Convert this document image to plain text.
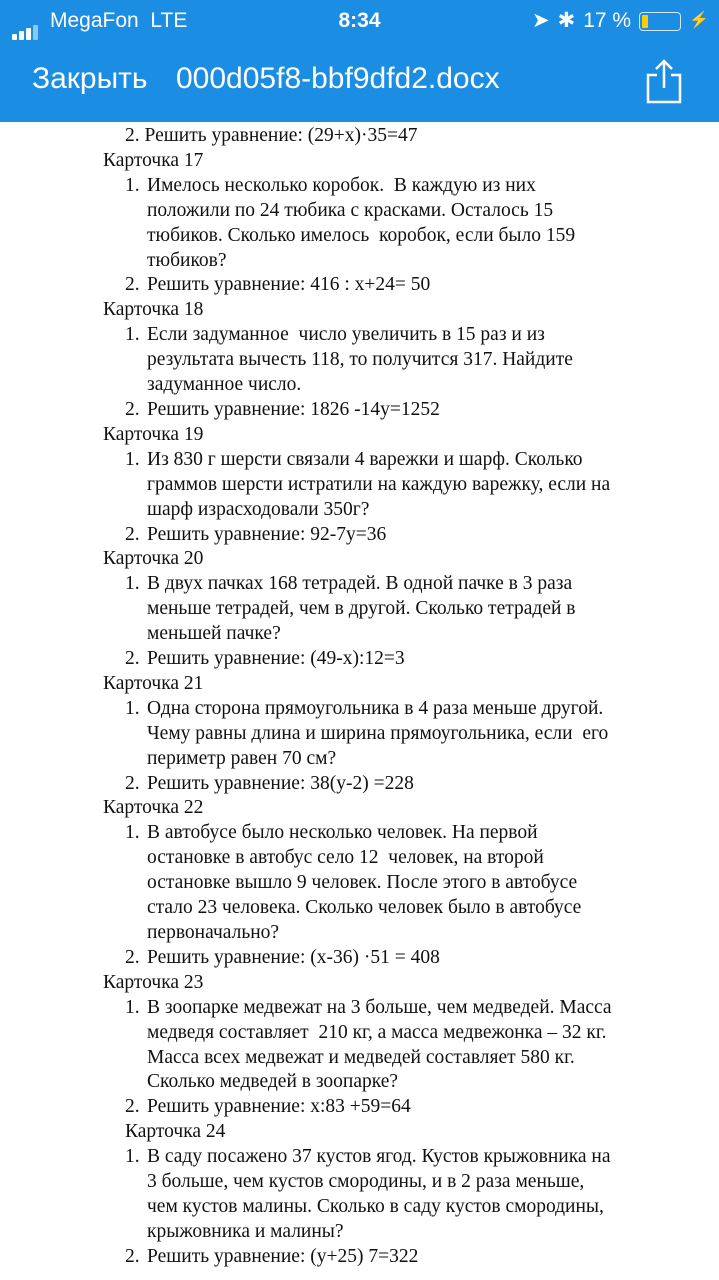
MegaFon LTE	8:34	➤ ✱ 17 %	⚡
Закрыть 000d05f8-bbf9dfd2.docx
2. Решить уравнение: (29+x)·35=47
Карточка 17
1. Имелось несколько коробок.  В каждую из них
положили по 24 тюбика с красками. Осталось 15
тюбиков. Сколько имелось  коробок, если было 159
тюбиков?
2. Решить уравнение: 416 : х+24= 50
Карточка 18
1. Если задуманное  число увеличить в 15 раз и из
результата вычесть 118, то получится 317. Найдите
задуманное число.
2. Решить уравнение: 1826 -14у=1252
Карточка 19
1. Из 830 г шерсти связали 4 варежки и шарф. Сколько
граммов шерсти истратили на каждую варежку, если на
шарф израсходовали 350г?
2. Решить уравнение: 92-7у=36
Карточка 20
1. В двух пачках 168 тетрадей. В одной пачке в 3 раза
меньше тетрадей, чем в другой. Сколько тетрадей в
меньшей пачке?
2. Решить уравнение: (49-х):12=3
Карточка 21
1. Одна сторона прямоугольника в 4 раза меньше другой.
Чему равны длина и ширина прямоугольника, если  его
периметр равен 70 см?
2. Решить уравнение: 38(у-2) =228
Карточка 22
1. В автобусе было несколько человек. На первой
остановке в автобус село 12  человек, на второй
остановке вышло 9 человек. После этого в автобусе
стало 23 человека. Сколько человек было в автобусе
первоначально?
2. Решить уравнение: (х-36) ·51 = 408
Карточка 23
1. В зоопарке медвежат на 3 больше, чем медведей. Масса
медведя составляет  210 кг, а масса медвежонка – 32 кг.
Масса всех медвежат и медведей составляет 580 кг.
Сколько медведей в зоопарке?
2. Решить уравнение: х:83 +59=64
Карточка 24
1. В саду посажено 37 кустов ягод. Кустов крыжовника на
3 больше, чем кустов смородины, и в 2 раза меньше,
чем кустов малины. Сколько в саду кустов смородины,
крыжовника и малины?
2. Решить уравнение: (у+25) 7=322
